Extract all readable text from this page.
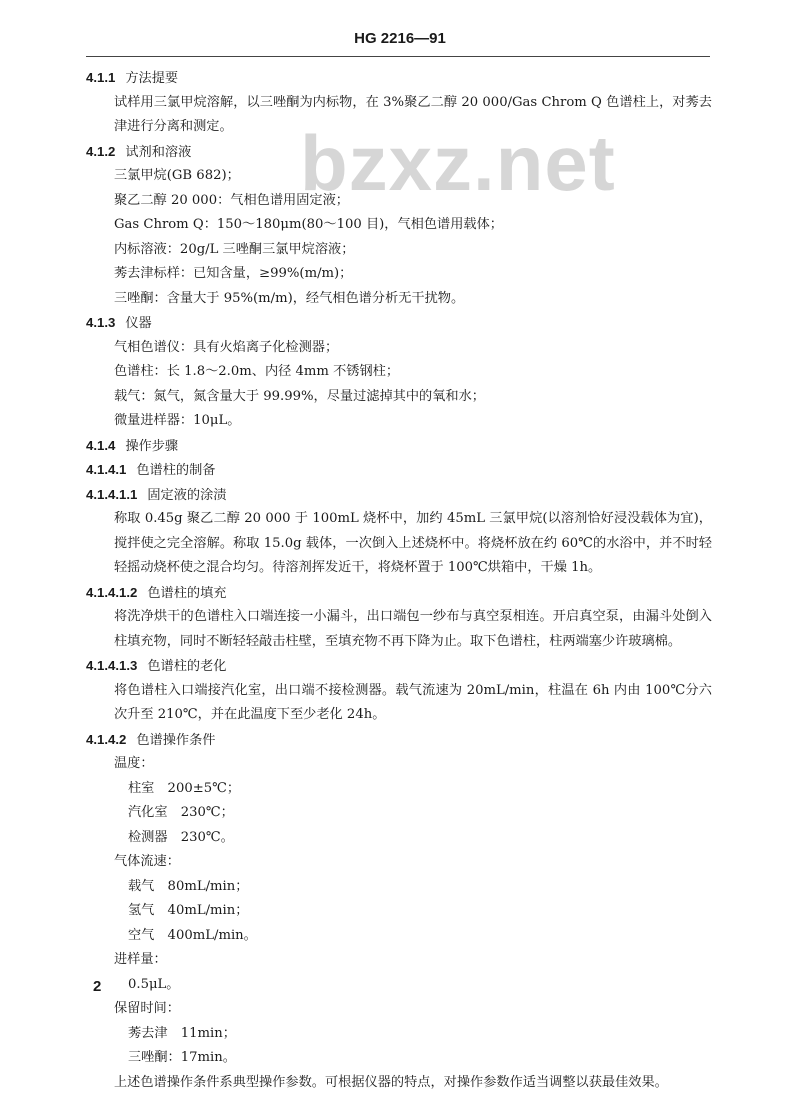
HG 2216—91
bzxz.net
4.1.1 方法提要
试样用三氯甲烷溶解，以三唑酮为内标物，在 3%聚乙二醇 20 000/Gas Chrom Q 色谱柱上，对莠去津进行分离和测定。
4.1.2 试剂和溶液
三氯甲烷(GB 682)；
聚乙二醇 20 000：气相色谱用固定液；
Gas Chrom Q：150～180μm(80～100 目)，气相色谱用载体；
内标溶液：20g/L 三唑酮三氯甲烷溶液；
莠去津标样：已知含量，≥99%(m/m)；
三唑酮：含量大于 95%(m/m)，经气相色谱分析无干扰物。
4.1.3 仪器
气相色谱仪：具有火焰离子化检测器；
色谱柱：长 1.8～2.0m、内径 4mm 不锈钢柱；
载气：氮气，氮含量大于 99.99%，尽量过滤掉其中的氧和水；
微量进样器：10μL。
4.1.4 操作步骤
4.1.4.1 色谱柱的制备
4.1.4.1.1 固定液的涂渍
称取 0.45g 聚乙二醇 20 000 于 100mL 烧杯中，加约 45mL 三氯甲烷(以溶剂恰好浸没载体为宜)，搅拌使之完全溶解。称取 15.0g 载体，一次倒入上述烧杯中。将烧杯放在约 60℃的水浴中，并不时轻轻摇动烧杯使之混合均匀。待溶剂挥发近干，将烧杯置于 100℃烘箱中，干燥 1h。
4.1.4.1.2 色谱柱的填充
将洗净烘干的色谱柱入口端连接一小漏斗，出口端包一纱布与真空泵相连。开启真空泵，由漏斗处倒入柱填充物，同时不断轻轻敲击柱壁，至填充物不再下降为止。取下色谱柱，柱两端塞少许玻璃棉。
4.1.4.1.3 色谱柱的老化
将色谱柱入口端接汽化室，出口端不接检测器。载气流速为 20mL/min，柱温在 6h 内由 100℃分六次升至 210℃，并在此温度下至少老化 24h。
4.1.4.2 色谱操作条件
温度：
柱室　200±5℃；
汽化室　230℃；
检测器　230℃。
气体流速：
载气　80mL/min；
氢气　40mL/min；
空气　400mL/min。
进样量：
0.5μL。
保留时间：
莠去津　11min；
三唑酮：17min。
上述色谱操作条件系典型操作参数。可根据仪器的特点，对操作参数作适当调整以获最佳效果。
2
